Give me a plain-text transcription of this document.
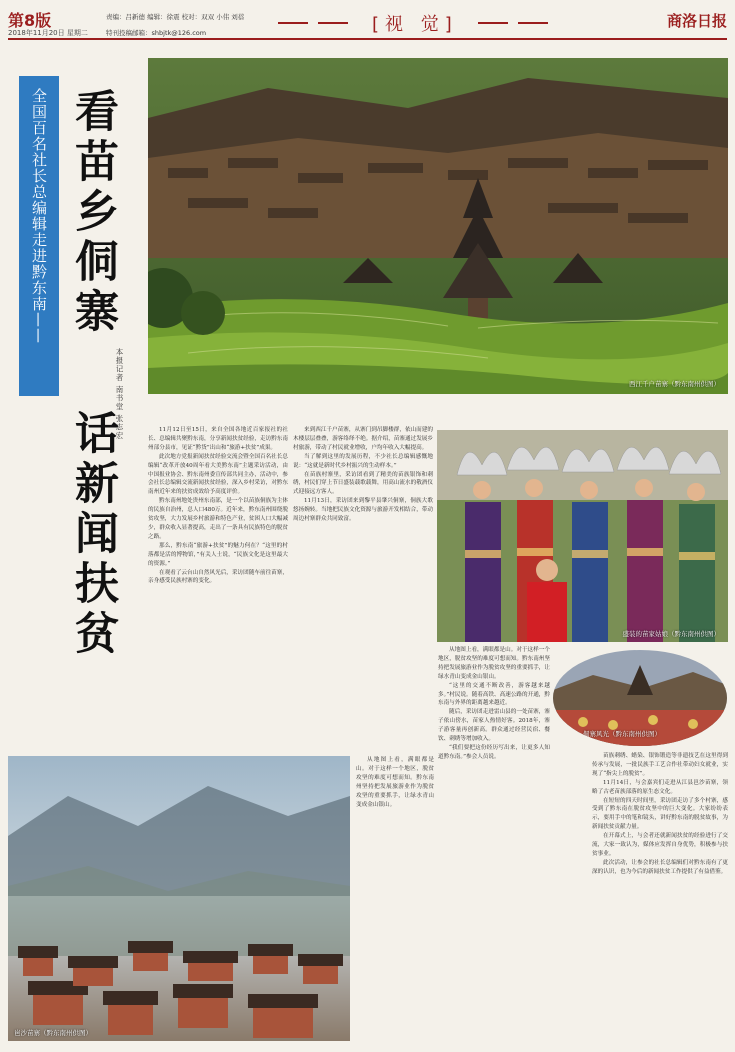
第8版
2018年11月20日 星期二
责编：吕新德 编辑：徐震 校对：双双 小伟 刘蓓
特刊投稿邮箱：shbjtk@126.com	[视 觉]	商洛日报
全国百名社长总编辑走进黔东南—— 看苗乡侗寨
话新闻扶贫
本报记者 南书堂 张志宏	西江千户苗寨（黔东南州供图）
盛装的苗家姑娘（黔东南州供图）
侗寨风光（黔东南州供图）
岜沙苗寨（黔东南州供图）

11月12日至15日，来自全国各地近百家报社的社长、总编辑共聚黔东南，分享新闻扶贫经验，走访黔东南州部分县市，见证“黔货”出山和“旅游+扶贫”成果。

此次地方党报新闻扶贫经验交流会暨全国百名社长总编辑“改革开放40周年看大美黔东南”主题采访活动，由中国报业协会、黔东南州委宣传部共同主办，活动中，参会社长总编辑交流新闻扶贫经验，深入乡村采访，对黔东南州近年来的扶贫成效给予高度评价。

黔东南州地处贵州东南部，是一个以苗族侗族为主体的民族自治州，总人口480万。近年来，黔东南州围绕脱贫攻坚，大力发展乡村旅游和特色产业，贫困人口大幅减少，群众收入显著提高，走出了一条具有民族特色的脱贫之路。

那么，黔东南“旅游+扶贫”的魅力何在？“这里的村落都是活的博物馆，”有关人士说，“民族文化是这里最大的资源。”

在观看了云台山自然风光后，采访团随车前往苗寨，亲身感受民族村寨的变化。

来到西江千户苗寨，从寨门到吊脚楼群，依山而建的木楼层层叠叠，游客络绎不绝。据介绍，苗寨通过发展乡村旅游，带动了村民就业增收，户均年收入大幅提高。

当了解到这里的发展历程，不少社长总编辑感慨地说：“这就是新时代乡村振兴的生动样本。”

在苗族村寨里，采访团看到了精美的苗族银饰和刺绣，村民们穿上节日盛装载歌载舞，用高山流水的敬酒仪式迎接远方客人。

11月13日，采访团来到黎平县肇兴侗寨，侗族大歌悠扬婉转。当地把民族文化资源与旅游开发相结合，带动周边村寨群众共同致富。

从地图上看，满眼都是山。对于这样一个地区，脱贫攻坚的难度可想而知。黔东南州坚持把发展旅游业作为脱贫攻坚的重要抓手，让绿水青山变成金山银山。

“这里的交通不断改善，游客越来越多。”村民说。随着高铁、高速公路的开通，黔东南与外界的距离越来越近。

随后，采访团走进雷山县的一处苗寨，寨子依山傍水，苗家人热情好客。2018年，寨子游客量再创新高。群众通过经营民宿、餐饮、刺绣等增加收入。

“我们要把这份经历写出来，让更多人知道黔东南。”参会人员说。

从地图上看，满眼都是山。对于这样一个地区，脱贫攻坚的难度可想而知。黔东南州坚持把发展旅游业作为脱贫攻坚的重要抓手，让绿水青山变成金山银山。

苗族刺绣、蜡染、银饰锻造等非遗技艺在这里得到传承与发展，一批民族手工艺合作社带动妇女就业，实现了“指尖上的脱贫”。

11月14日，与会嘉宾们走进从江县岜沙苗寨，领略了古老苗族部落的原生态文化。

在短短的四天时间里，采访团走访了多个村寨，感受到了黔东南在脱贫攻坚中的巨大变化。大家纷纷表示，要用手中的笔和镜头，讲好黔东南的脱贫故事，为新闻扶贫贡献力量。

在开幕式上，与会者还就新闻扶贫的经验进行了交流，大家一致认为，媒体应发挥自身优势，积极参与扶贫事业。

此次活动，让参会的社长总编辑们对黔东南有了更深的认识，也为今后的新闻扶贫工作提供了有益借鉴。
